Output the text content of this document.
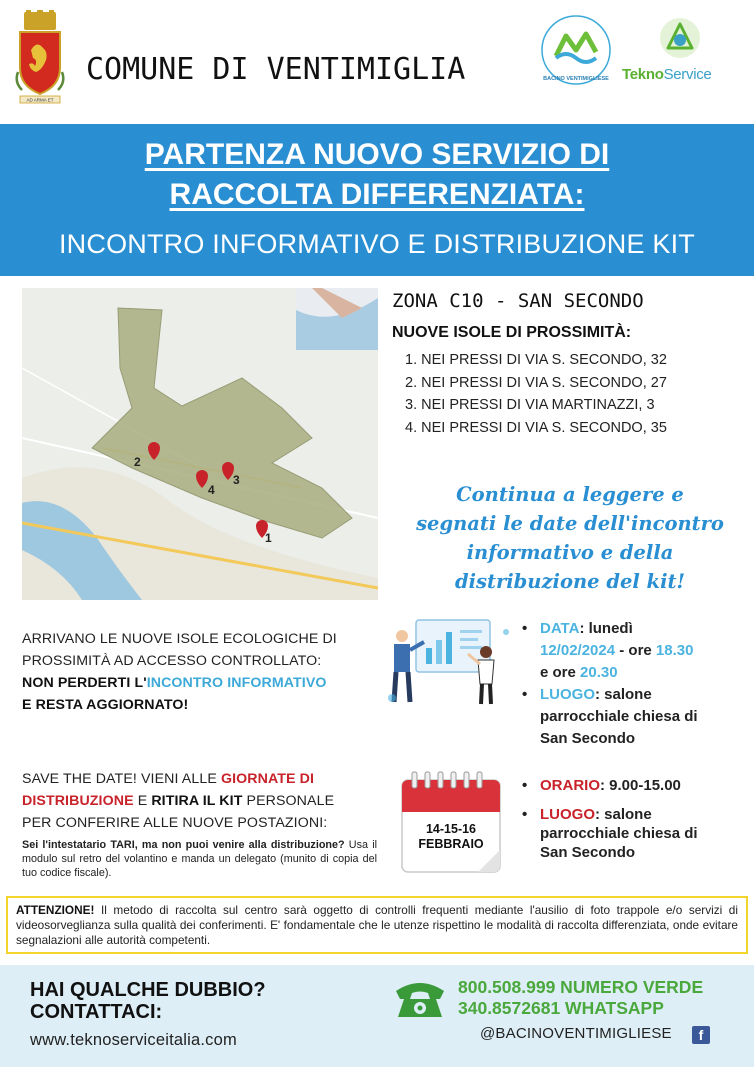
AD ARMA ET
COMUNE DI VENTIMIGLIA	BACINO VENTIMIGLIESE TeknoService
PARTENZA NUOVO SERVIZIO DI
RACCOLTA DIFFERENZIATA:
INCONTRO INFORMATIVO E DISTRIBUZIONE KIT
2
4
3
1
ZONA C10 - SAN SECONDO
NUOVE ISOLE DI PROSSIMITÀ:
1. NEI PRESSI DI VIA S. SECONDO, 32
2. NEI PRESSI DI VIA S. SECONDO, 27
3. NEI PRESSI DI VIA MARTINAZZI, 3
4. NEI PRESSI DI VIA S. SECONDO, 35
Continua a leggere e
segnati le date dell'incontro
informativo e della
distribuzione del kit!
ARRIVANO LE NUOVE ISOLE ECOLOGICHE DI
PROSSIMITÀ AD ACCESSO CONTROLLATO:
NON PERDERTI L'INCONTRO INFORMATIVO
E RESTA AGGIORNATO!
• DATA: lunedì
12/02/2024 - ore 18.30
e ore 20.30
• LUOGO: salone
parrocchiale chiesa di
San Secondo
SAVE THE DATE! VIENI ALLE GIORNATE DI
DISTRIBUZIONE E RITIRA IL KIT PERSONALE
PER CONFERIRE ALLE NUOVE POSTAZIONI:
Sei l'intestatario TARI, ma non puoi venire alla distribuzione? Usa il modulo sul retro del volantino e manda un delegato (munito di copia del tuo codice fiscale).
14-15-16
FEBBRAIO
• ORARIO: 9.00-15.00
• LUOGO: salone
parrocchiale chiesa di
San Secondo
ATTENZIONE! Il metodo di raccolta sul centro sarà oggetto di controlli frequenti mediante l'ausilio di foto trappole e/o servizi di videosorveglianza sulla qualità dei conferimenti. E' fondamentale che le utenze rispettino le modalità di raccolta differenziata, onde evitare segnalazioni alle autorità competenti.
HAI QUALCHE DUBBIO?
CONTATTACI:
www.teknoserviceitalia.com
800.508.999 NUMERO VERDE
340.8572681 WHATSAPP
@BACINOVENTIMIGLIESE	f
